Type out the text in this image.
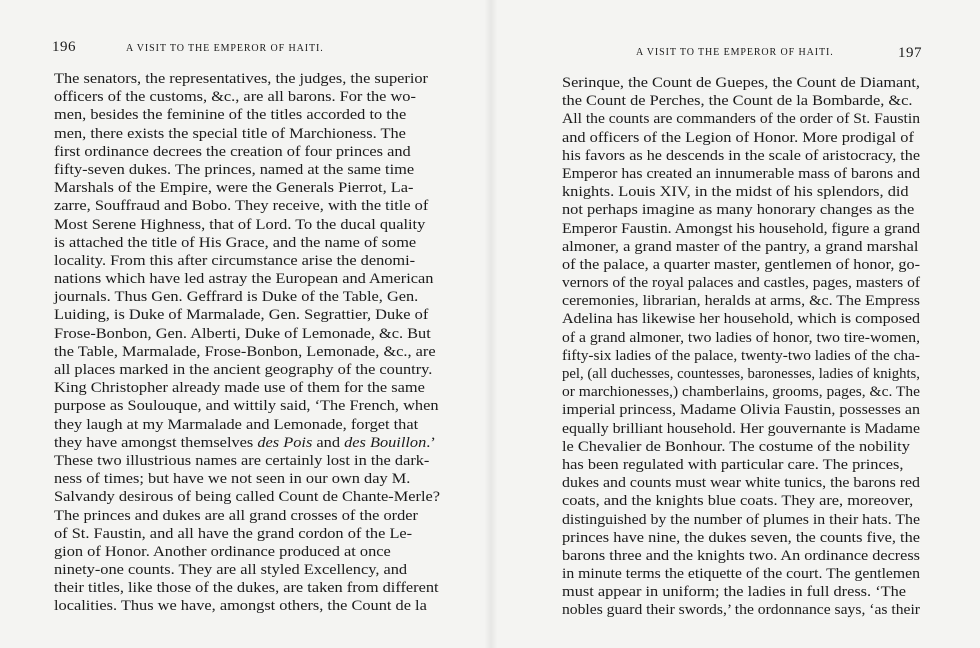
196	A VISIT TO THE EMPEROR OF HAITI.
The senators, the representatives, the judges, the superior
officers of the customs, &c., are all barons. For the wo-
men, besides the feminine of the titles accorded to the
men, there exists the special title of Marchioness. The
first ordinance decrees the creation of four princes and
fifty-seven dukes. The princes, named at the same time
Marshals of the Empire, were the Generals Pierrot, La-
zarre, Souffraud and Bobo. They receive, with the title of
Most Serene Highness, that of Lord. To the ducal quality
is attached the title of His Grace, and the name of some
locality. From this after circumstance arise the denomi-
nations which have led astray the European and American
journals. Thus Gen. Geffrard is Duke of the Table, Gen.
Luiding, is Duke of Marmalade, Gen. Segrattier, Duke of
Frose-Bonbon, Gen. Alberti, Duke of Lemonade, &c. But
the Table, Marmalade, Frose-Bonbon, Lemonade, &c., are
all places marked in the ancient geography of the country.
King Christopher already made use of them for the same
purpose as Soulouque, and wittily said, ‘The French, when
they laugh at my Marmalade and Lemonade, forget that
they have amongst themselves des Pois and des Bouillon.’
These two illustrious names are certainly lost in the dark-
ness of times; but have we not seen in our own day M.
Salvandy desirous of being called Count de Chante-Merle?
The princes and dukes are all grand crosses of the order
of St. Faustin, and all have the grand cordon of the Le-
gion of Honor. Another ordinance produced at once
ninety-one counts. They are all styled Excellency, and
their titles, like those of the dukes, are taken from different
localities. Thus we have, amongst others, the Count de la
A VISIT TO THE EMPEROR OF HAITI.	197
Serinque, the Count de Guepes, the Count de Diamant,
the Count de Perches, the Count de la Bombarde, &c.
All the counts are commanders of the order of St. Faustin
and officers of the Legion of Honor. More prodigal of
his favors as he descends in the scale of aristocracy, the
Emperor has created an innumerable mass of barons and
knights. Louis XIV, in the midst of his splendors, did
not perhaps imagine as many honorary changes as the
Emperor Faustin. Amongst his household, figure a grand
almoner, a grand master of the pantry, a grand marshal
of the palace, a quarter master, gentlemen of honor, go-
vernors of the royal palaces and castles, pages, masters of
ceremonies, librarian, heralds at arms, &c. The Empress
Adelina has likewise her household, which is composed
of a grand almoner, two ladies of honor, two tire-women,
fifty-six ladies of the palace, twenty-two ladies of the cha-
pel, (all duchesses, countesses, baronesses, ladies of knights,
or marchionesses,) chamberlains, grooms, pages, &c. The
imperial princess, Madame Olivia Faustin, possesses an
equally brilliant household. Her gouvernante is Madame
le Chevalier de Bonhour. The costume of the nobility
has been regulated with particular care. The princes,
dukes and counts must wear white tunics, the barons red
coats, and the knights blue coats. They are, moreover,
distinguished by the number of plumes in their hats. The
princes have nine, the dukes seven, the counts five, the
barons three and the knights two. An ordinance decress
in minute terms the etiquette of the court. The gentlemen
must appear in uniform; the ladies in full dress. ‘The
nobles guard their swords,’ the ordonnance says, ‘as their
